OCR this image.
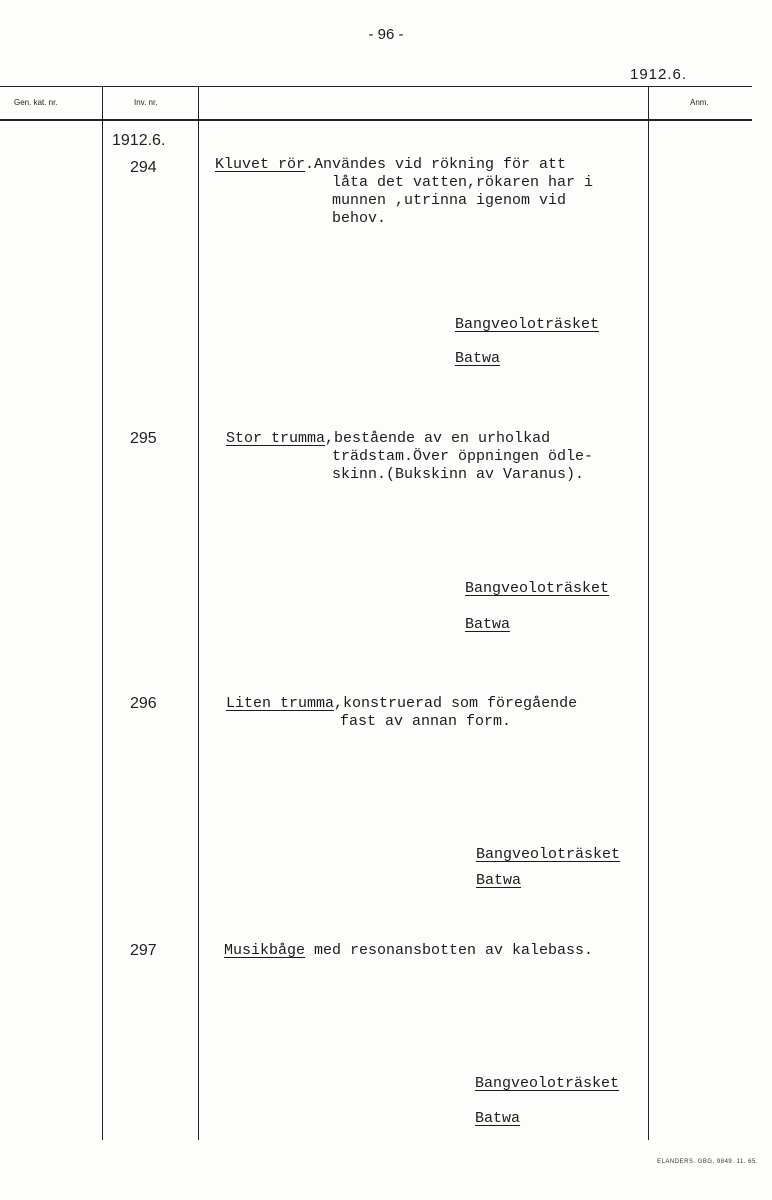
- 96 -
1912.6.
Gen. kat. nr.	Inv. nr.	Anm.
1912.6.
294	Kluvet rör.Användes vid rökning för att
låta det vatten,rökaren har i
munnen ,utrinna igenom vid
behov.
Bangveoloträsket
Batwa
295	Stor trumma,bestående av en urholkad
trädstam.Över öppningen ödle-
skinn.(Bukskinn av Varanus).
Bangveoloträsket
Batwa
296	Liten trumma,konstruerad som föregående
fast av annan form.
Bangveoloträsket
Batwa
297	Musikbåge med resonansbotten av kalebass.
Bangveoloträsket
Batwa
ELANDERS. GBG. 9849. 11. 65.
